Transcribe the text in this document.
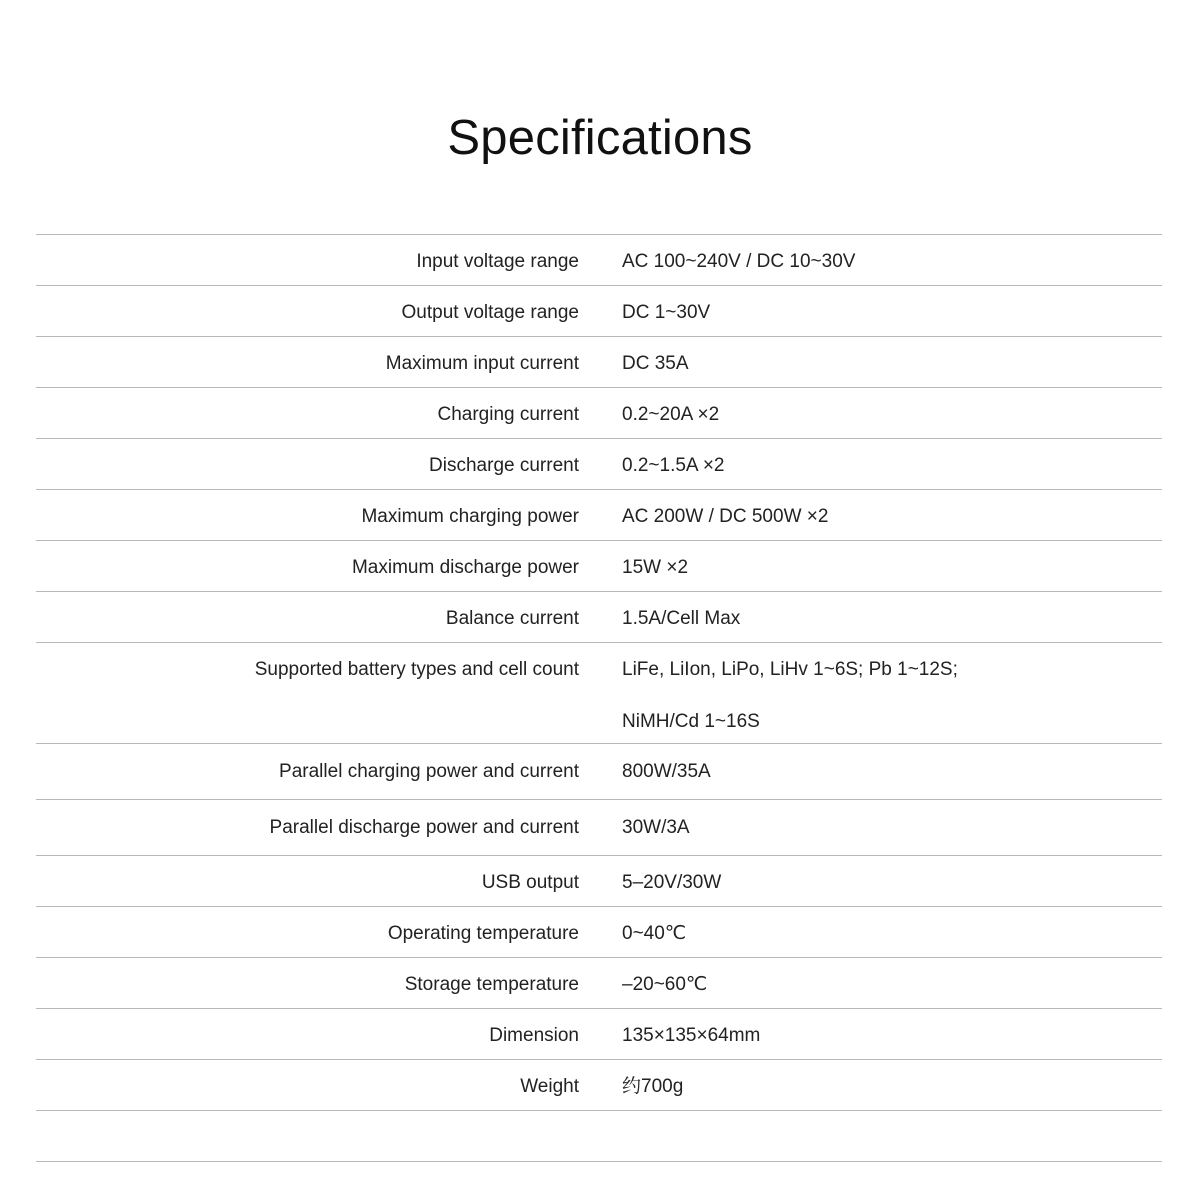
Specifications
Input voltage range AC 100~240V / DC 10~30V
Output voltage range DC 1~30V
Maximum input current DC 35A
Charging current 0.2~20A ×2
Discharge current 0.2~1.5A ×2
Maximum charging power AC 200W / DC 500W ×2
Maximum discharge power 15W ×2
Balance current 1.5A/Cell Max
Supported battery types and cell count LiFe, LiIon, LiPo, LiHv 1~6S; Pb 1~12S;
NiMH/Cd 1~16S
Parallel charging power and current 800W/35A
Parallel discharge power and current 30W/3A
USB output 5–20V/30W
Operating temperature 0~40℃
Storage temperature –20~60℃
Dimension 135×135×64mm
Weight 约700g
